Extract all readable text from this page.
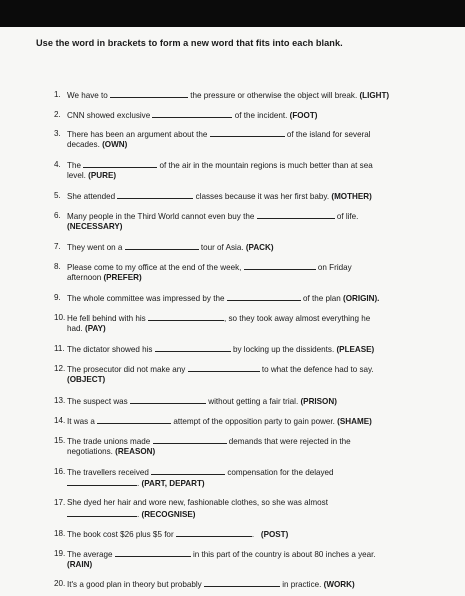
Use the word in brackets to form a new word that fits into each blank.
1. We have to	the pressure or otherwise the object will break. (LIGHT)
2. CNN showed exclusive	of the incident. (FOOT)
3. There has been an argument about the	of the island for several
decades. (OWN)
4. The	of the air in the mountain regions is much better than at sea
level. (PURE)
5. She attended	classes because it was her first baby. (MOTHER)
6. Many people in the Third World cannot even buy the	of life.
(NECESSARY)
7. They went on a	tour of Asia. (PACK)
8. Please come to my office at the end of the week,	on Friday
afternoon (PREFER)
9. The whole committee was impressed by the	of the plan (ORIGIN).
10. He fell behind with his	, so they took away almost everything he
had. (PAY)
11. The dictator showed his	by locking up the dissidents. (PLEASE)
12. The prosecutor did not make any	to what the defence had to say.
(OBJECT)
13. The suspect was	without getting a fair trial. (PRISON)
14. It was a	attempt of the opposition party to gain power. (SHAME)
15. The trade unions made	demands that were rejected in the
negotiations. (REASON)
16. The travellers received	compensation for the delayed
. (PART, DEPART)
17. She dyed her hair and wore new, fashionable clothes, so she was almost
. (RECOGNISE)
18. The book cost $26 plus $5 for	. (POST)
19. The average	in this part of the country is about 80 inches a year.
(RAIN)
20. It's a good plan in theory but probably	in practice. (WORK)
